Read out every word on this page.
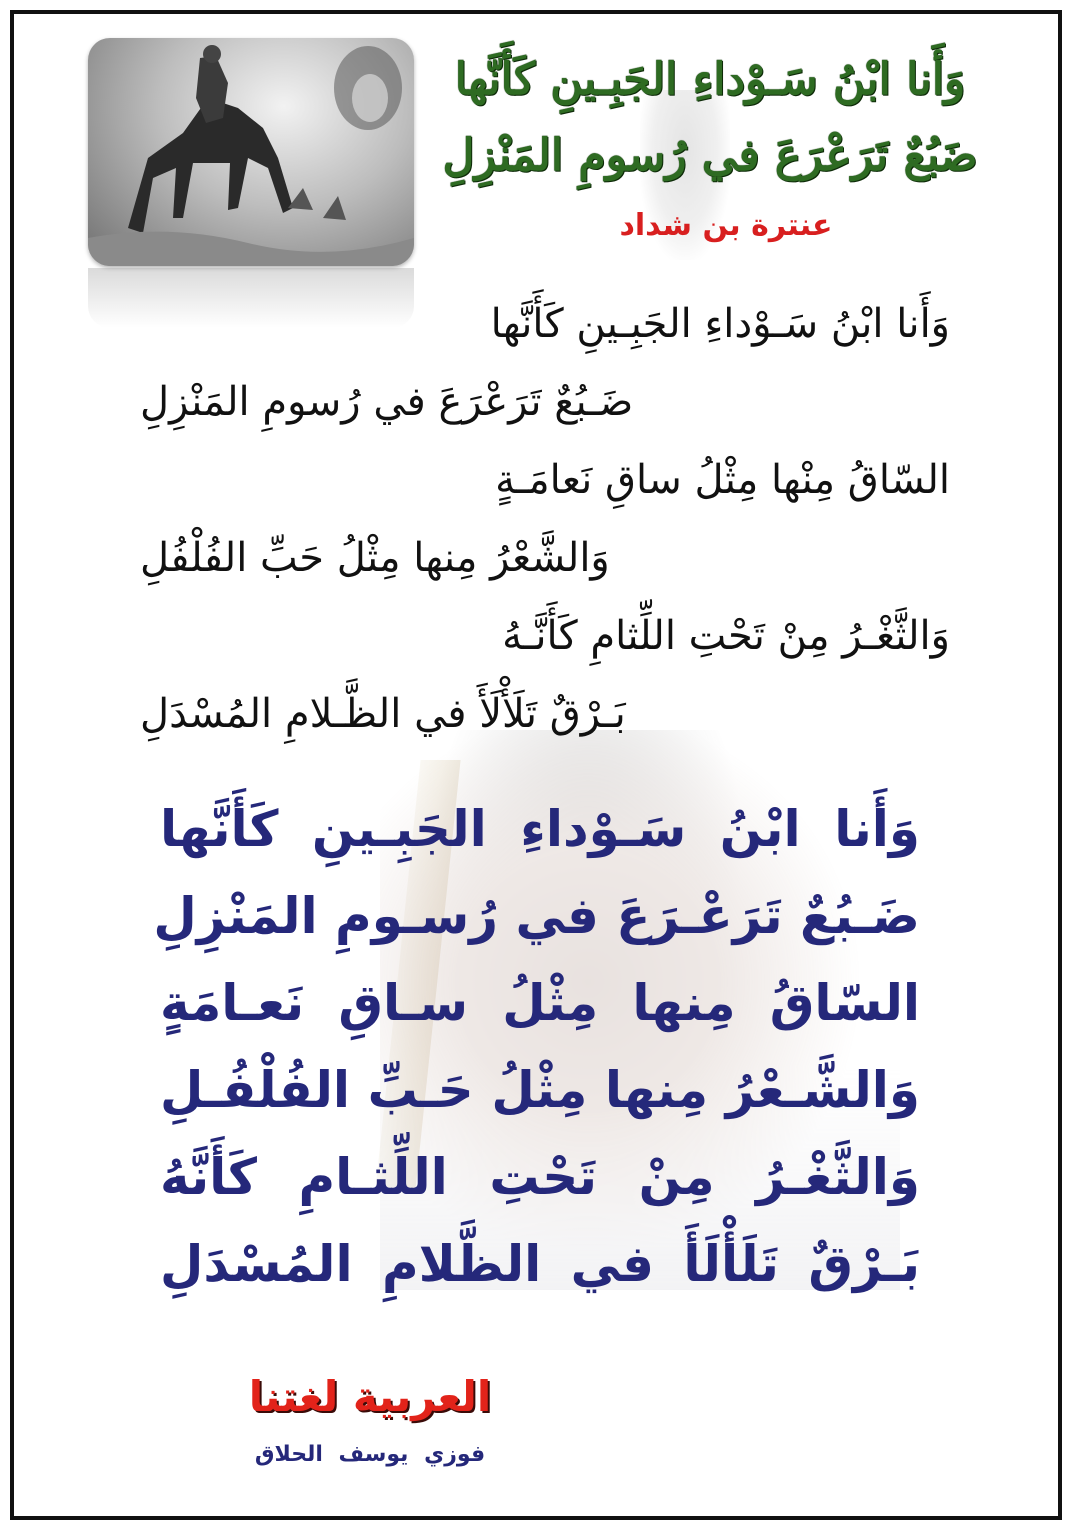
وَأَنا ابْنُ سَـوْداءِ الجَبِـينِ كَأَنَّها
ضَبُعٌ تَرَعْرَعَ في رُسومِ المَنْزِلِ
عنترة بن شداد
وَأَنا ابْنُ سَـوْداءِ الجَبِـينِ كَأَنَّها
ضَـبُعٌ تَرَعْرَعَ في رُسومِ المَنْزِلِ
السّاقُ مِنْها مِثْلُ ساقِ نَعامَـةٍ
وَالشَّعْرُ مِنها مِثْلُ حَبِّ الفُلْفُلِ
وَالثَّغْـرُ مِنْ تَحْتِ اللِّثامِ كَأَنَّـهُ
بَـرْقٌ تَلَأْلَأَ في الظَّـلامِ المُسْدَلِ
وَأَنا ابْنُ سَـوْداءِ الجَبِـينِ كَأَنَّها
ضَـبُعٌ تَرَعْـرَعَ في رُسـومِ المَنْزِلِ
السّاقُ مِنها مِثْلُ سـاقِ نَعـامَةٍ
وَالشَّـعْرُ مِنها مِثْلُ حَـبِّ الفُلْفُـلِ
وَالثَّغْـرُ مِنْ تَحْتِ اللِّثـامِ كَأَنَّهُ
بَـرْقٌ تَلَأْلَأَ في الظَّلامِ المُسْدَلِ
العربية لغتنا
فوزي يوسف الحلاق
